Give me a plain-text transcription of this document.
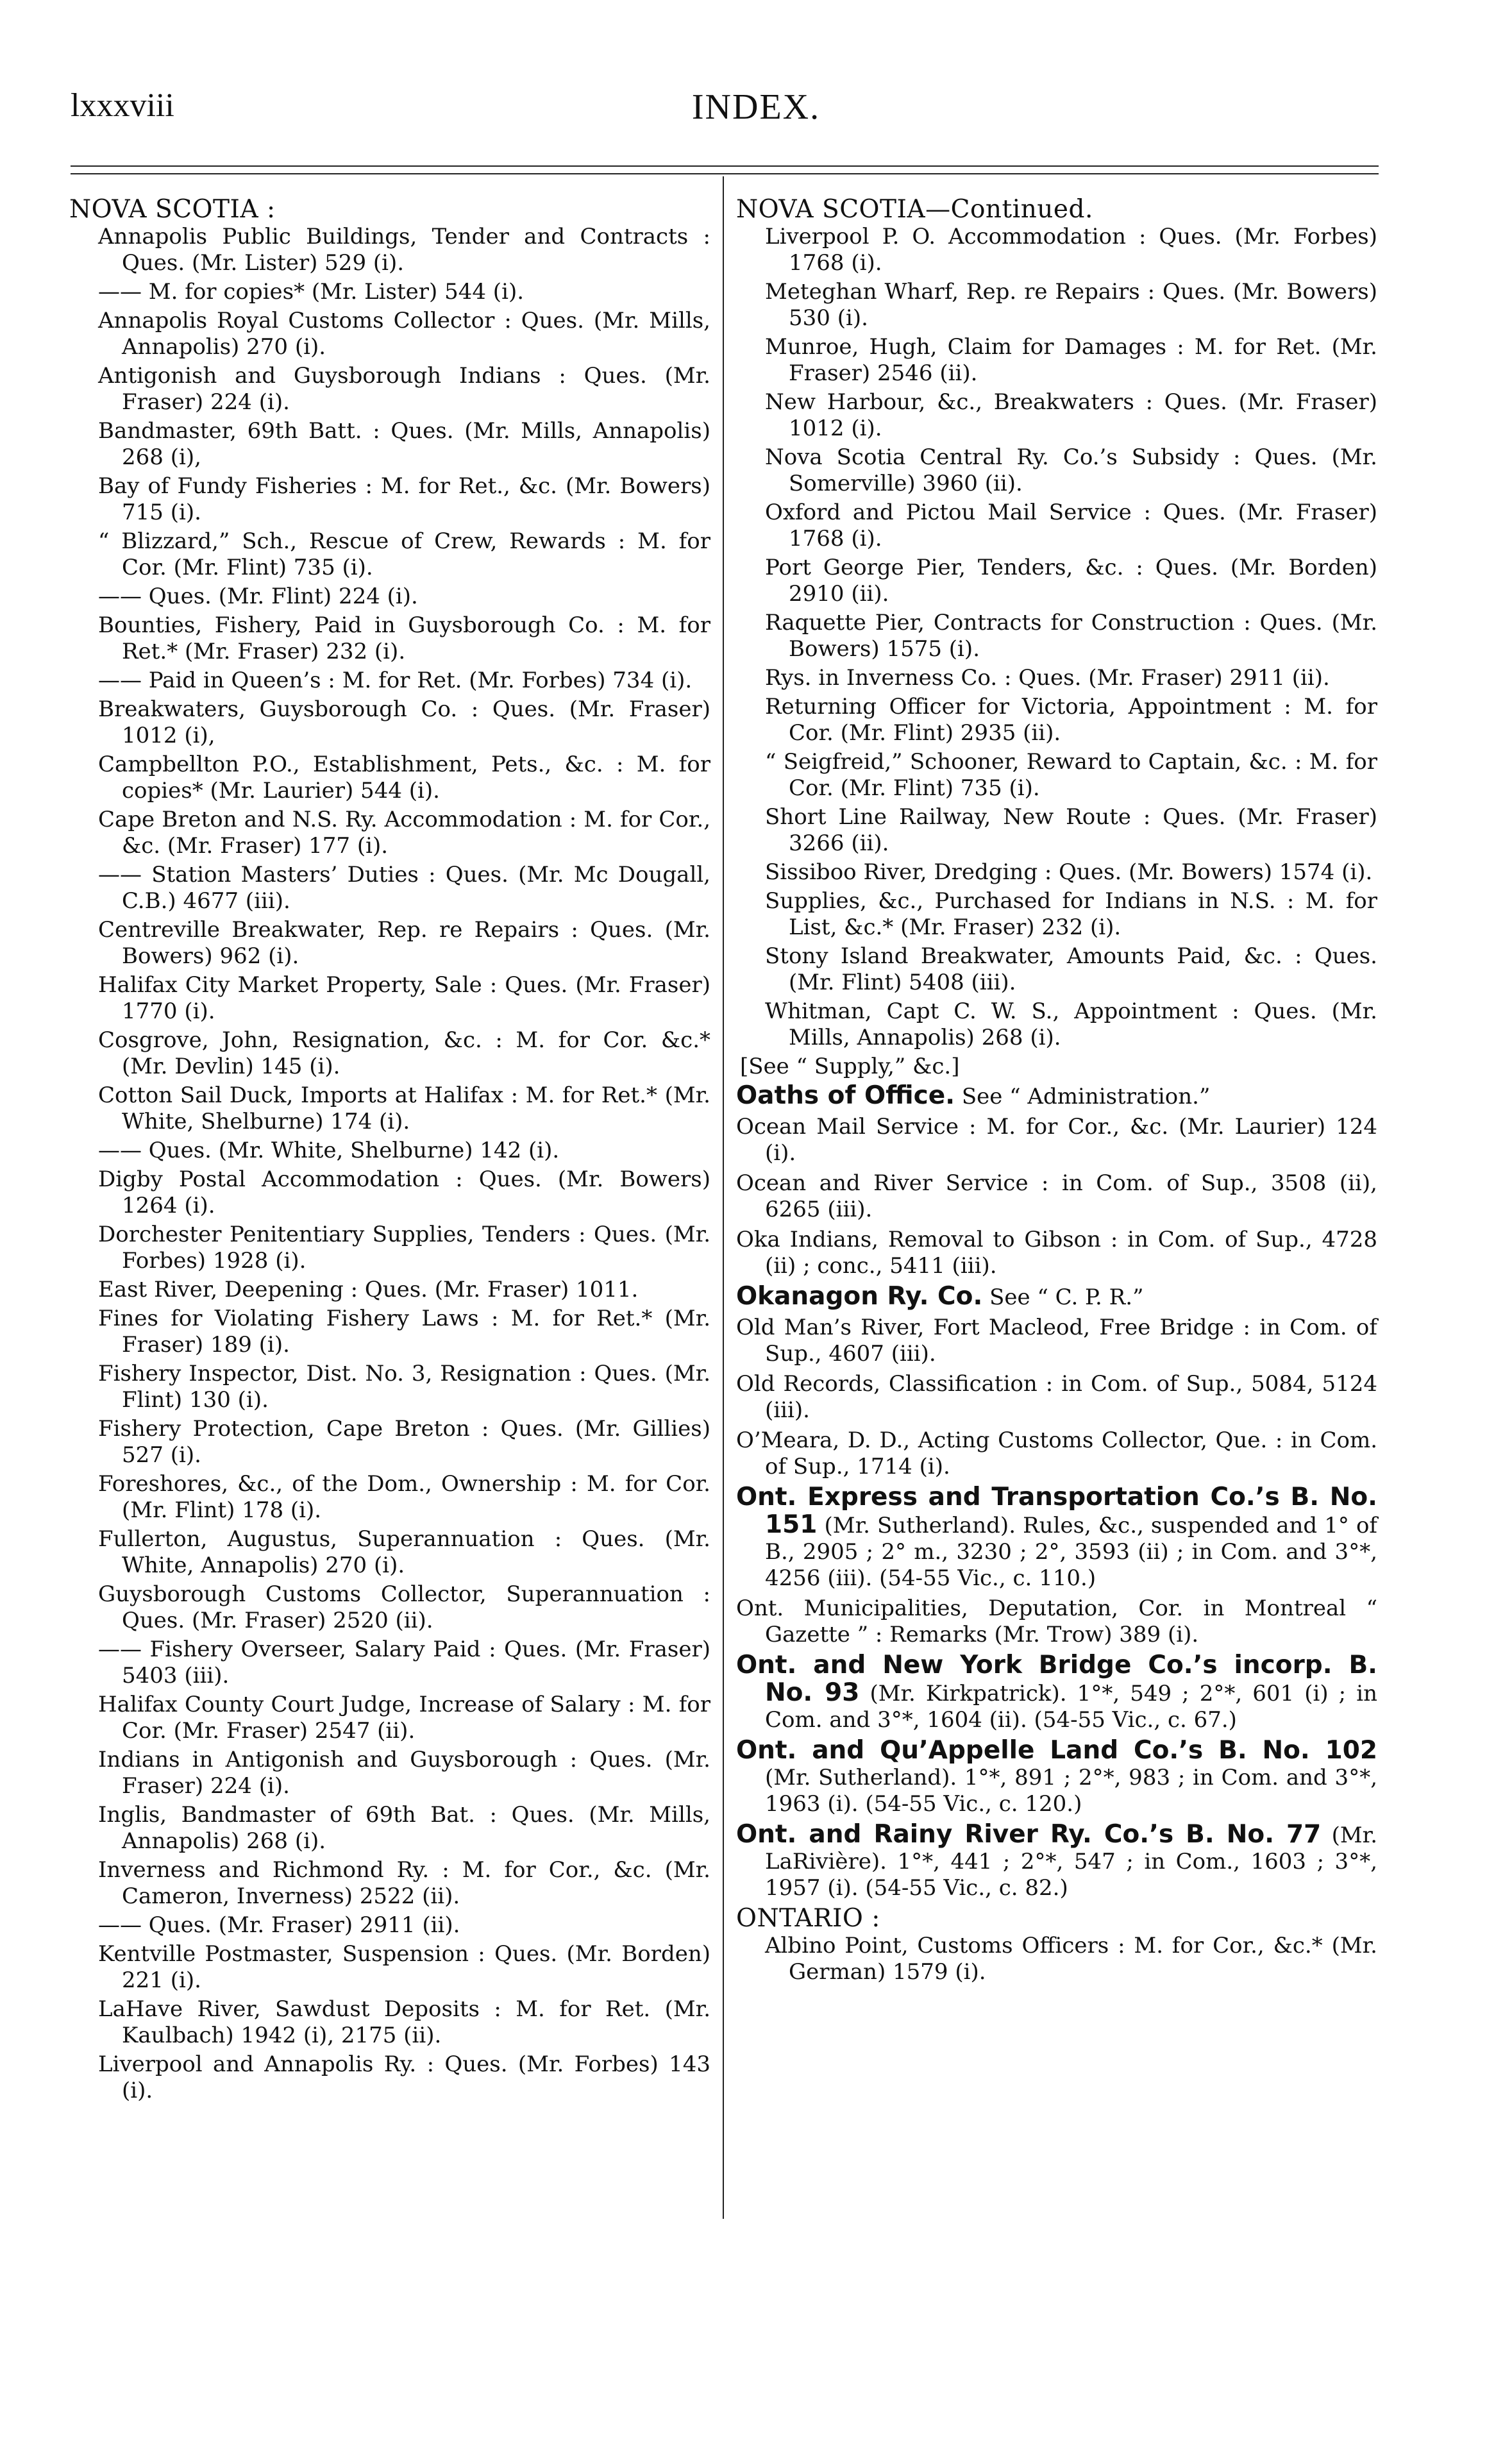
lxxxviii	INDEX.
NOVA SCOTIA :
Annapolis Public Buildings, Tender and Contracts : Ques. (Mr. Lister) 529 (i).
—— M. for copies* (Mr. Lister) 544 (i).
Annapolis Royal Customs Collector : Ques. (Mr. Mills, Annapolis) 270 (i).
Antigonish and Guysborough Indians : Ques. (Mr. Fraser) 224 (i).
Bandmaster, 69th Batt. : Ques. (Mr. Mills, Annapolis) 268 (i),
Bay of Fundy Fisheries : M. for Ret., &c. (Mr. Bowers) 715 (i).
“ Blizzard,” Sch., Rescue of Crew, Rewards : M. for Cor. (Mr. Flint) 735 (i).
—— Ques. (Mr. Flint) 224 (i).
Bounties, Fishery, Paid in Guysborough Co. : M. for Ret.* (Mr. Fraser) 232 (i).
—— Paid in Queen’s : M. for Ret. (Mr. Forbes) 734 (i).
Breakwaters, Guysborough Co. : Ques. (Mr. Fraser) 1012 (i),
Campbellton P.O., Establishment, Pets., &c. : M. for copies* (Mr. Laurier) 544 (i).
Cape Breton and N.S. Ry. Accommodation : M. for Cor., &c. (Mr. Fraser) 177 (i).
—— Station Masters’ Duties : Ques. (Mr. Mc Dougall, C.B.) 4677 (iii).
Centreville Breakwater, Rep. re Repairs : Ques. (Mr. Bowers) 962 (i).
Halifax City Market Property, Sale : Ques. (Mr. Fraser) 1770 (i).
Cosgrove, John, Resignation, &c. : M. for Cor. &c.* (Mr. Devlin) 145 (i).
Cotton Sail Duck, Imports at Halifax : M. for Ret.* (Mr. White, Shelburne) 174 (i).
—— Ques. (Mr. White, Shelburne) 142 (i).
Digby Postal Accommodation : Ques. (Mr. Bowers) 1264 (i).
Dorchester Penitentiary Supplies, Tenders : Ques. (Mr. Forbes) 1928 (i).
East River, Deepening : Ques. (Mr. Fraser) 1011.
Fines for Violating Fishery Laws : M. for Ret.* (Mr. Fraser) 189 (i).
Fishery Inspector, Dist. No. 3, Resignation : Ques. (Mr. Flint) 130 (i).
Fishery Protection, Cape Breton : Ques. (Mr. Gillies) 527 (i).
Foreshores, &c., of the Dom., Ownership : M. for Cor. (Mr. Flint) 178 (i).
Fullerton, Augustus, Superannuation : Ques. (Mr. White, Annapolis) 270 (i).
Guysborough Customs Collector, Superannuation : Ques. (Mr. Fraser) 2520 (ii).
—— Fishery Overseer, Salary Paid : Ques. (Mr. Fraser) 5403 (iii).
Halifax County Court Judge, Increase of Salary : M. for Cor. (Mr. Fraser) 2547 (ii).
Indians in Antigonish and Guysborough : Ques. (Mr. Fraser) 224 (i).
Inglis, Bandmaster of 69th Bat. : Ques. (Mr. Mills, Annapolis) 268 (i).
Inverness and Richmond Ry. : M. for Cor., &c. (Mr. Cameron, Inverness) 2522 (ii).
—— Ques. (Mr. Fraser) 2911 (ii).
Kentville Postmaster, Suspension : Ques. (Mr. Borden) 221 (i).
LaHave River, Sawdust Deposits : M. for Ret. (Mr. Kaulbach) 1942 (i), 2175 (ii).
Liverpool and Annapolis Ry. : Ques. (Mr. Forbes) 143 (i).
NOVA SCOTIA—Continued.
Liverpool P. O. Accommodation : Ques. (Mr. Forbes) 1768 (i).
Meteghan Wharf, Rep. re Repairs : Ques. (Mr. Bowers) 530 (i).
Munroe, Hugh, Claim for Damages : M. for Ret. (Mr. Fraser) 2546 (ii).
New Harbour, &c., Breakwaters : Ques. (Mr. Fraser) 1012 (i).
Nova Scotia Central Ry. Co.’s Subsidy : Ques. (Mr. Somerville) 3960 (ii).
Oxford and Pictou Mail Service : Ques. (Mr. Fraser) 1768 (i).
Port George Pier, Tenders, &c. : Ques. (Mr. Borden) 2910 (ii).
Raquette Pier, Contracts for Construction : Ques. (Mr. Bowers) 1575 (i).
Rys. in Inverness Co. : Ques. (Mr. Fraser) 2911 (ii).
Returning Officer for Victoria, Appointment : M. for Cor. (Mr. Flint) 2935 (ii).
“ Seigfreid,” Schooner, Reward to Captain, &c. : M. for Cor. (Mr. Flint) 735 (i).
Short Line Railway, New Route : Ques. (Mr. Fraser) 3266 (ii).
Sissiboo River, Dredging : Ques. (Mr. Bowers) 1574 (i).
Supplies, &c., Purchased for Indians in N.S. : M. for List, &c.* (Mr. Fraser) 232 (i).
Stony Island Breakwater, Amounts Paid, &c. : Ques. (Mr. Flint) 5408 (iii).
Whitman, Capt C. W. S., Appointment : Ques. (Mr. Mills, Annapolis) 268 (i).
[See “ Supply,” &c.]
Oaths of Office. See “ Administration.”
Ocean Mail Service : M. for Cor., &c. (Mr. Laurier) 124 (i).
Ocean and River Service : in Com. of Sup., 3508 (ii), 6265 (iii).
Oka Indians, Removal to Gibson : in Com. of Sup., 4728 (ii) ; conc., 5411 (iii).
Okanagon Ry. Co. See “ C. P. R.”
Old Man’s River, Fort Macleod, Free Bridge : in Com. of Sup., 4607 (iii).
Old Records, Classification : in Com. of Sup., 5084, 5124 (iii).
O’Meara, D. D., Acting Customs Collector, Que. : in Com. of Sup., 1714 (i).
Ont. Express and Transportation Co.’s B. No. 151 (Mr. Sutherland). Rules, &c., suspended and 1° of B., 2905 ; 2° m., 3230 ; 2°, 3593 (ii) ; in Com. and 3°*, 4256 (iii). (54-55 Vic., c. 110.)
Ont. Municipalities, Deputation, Cor. in Montreal “ Gazette ” : Remarks (Mr. Trow) 389 (i).
Ont. and New York Bridge Co.’s incorp. B. No. 93 (Mr. Kirkpatrick). 1°*, 549 ; 2°*, 601 (i) ; in Com. and 3°*, 1604 (ii). (54-55 Vic., c. 67.)
Ont. and Qu’Appelle Land Co.’s B. No. 102 (Mr. Sutherland). 1°*, 891 ; 2°*, 983 ; in Com. and 3°*, 1963 (i). (54-55 Vic., c. 120.)
Ont. and Rainy River Ry. Co.’s B. No. 77 (Mr. LaRivière). 1°*, 441 ; 2°*, 547 ; in Com., 1603 ; 3°*, 1957 (i). (54-55 Vic., c. 82.)
ONTARIO :
Albino Point, Customs Officers : M. for Cor., &c.* (Mr. German) 1579 (i).
